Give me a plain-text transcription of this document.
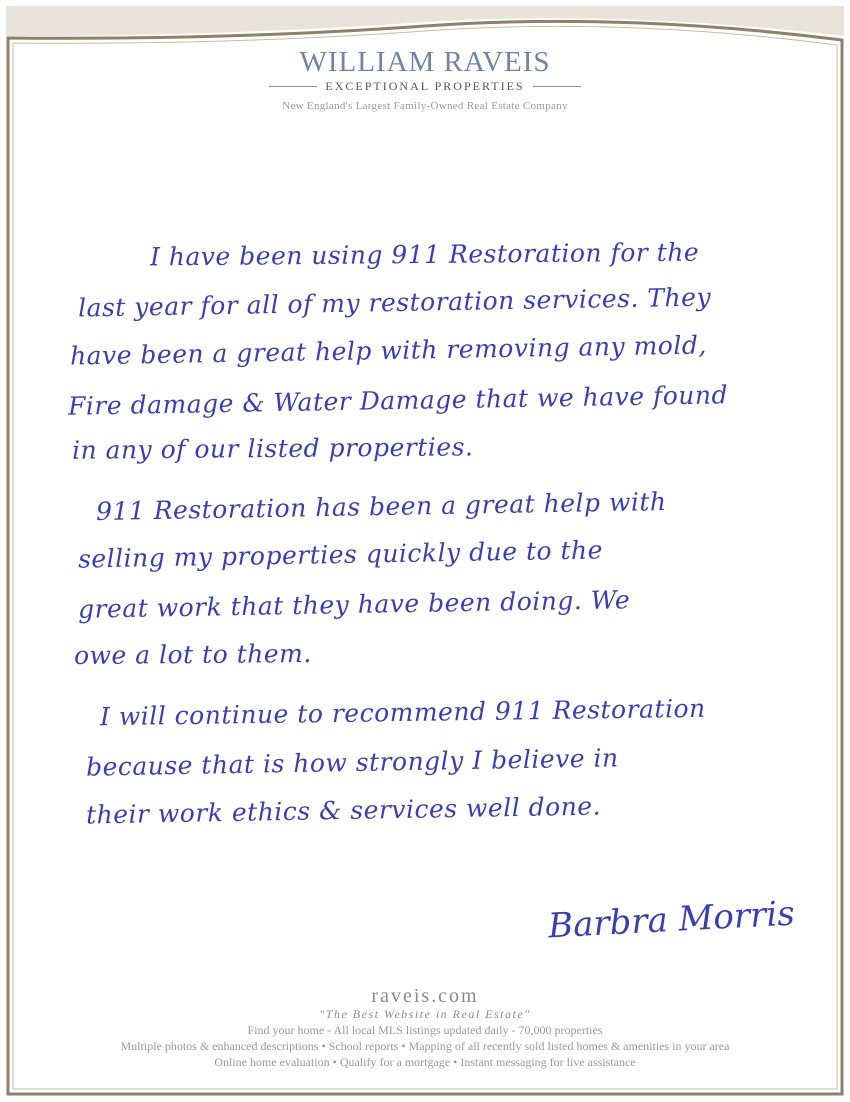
WILLIAM RAVEIS
EXCEPTIONAL PROPERTIES
New England's Largest Family-Owned Real Estate Company
I have been using 911 Restoration for the
last year for all of my restoration services. They
have been a great help with removing any mold,
Fire damage & Water Damage that we have found
in any of our listed properties.
911 Restoration has been a great help with
selling my properties quickly due to the
great work that they have been doing. We
owe a lot to them.
I will continue to recommend 911 Restoration
because that is how strongly I believe in
their work ethics & services well done.
Barbra Morris
raveis.com
"The Best Website in Real Estate"
Find your home - All local MLS listings updated daily - 70,000 properties
Multiple photos & enhanced descriptions • School reports • Mapping of all recently sold listed homes & amenities in your area
Online home evaluation • Qualify for a mortgage • Instant messaging for live assistance
